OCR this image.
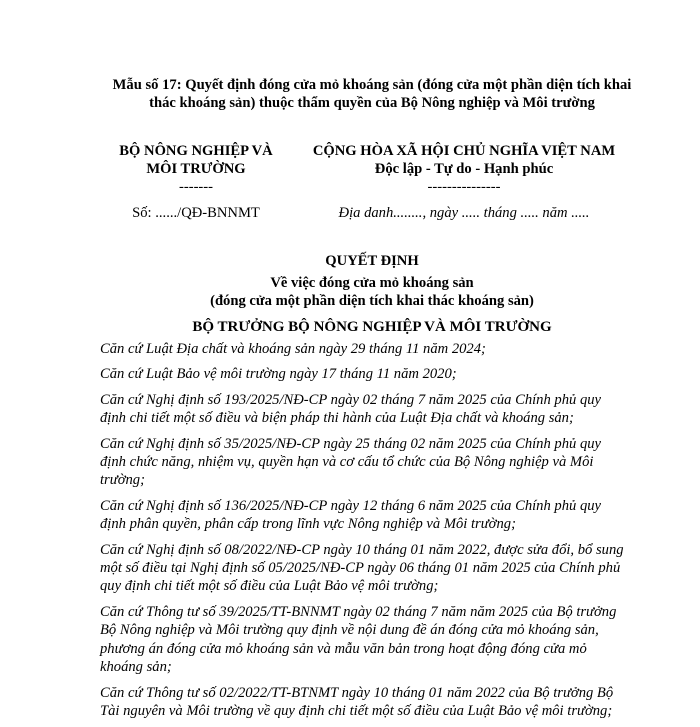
Mẫu số 17: Quyết định đóng cửa mỏ khoáng sản (đóng cửa một phần diện tích khai thác khoáng sản) thuộc thẩm quyền của Bộ Nông nghiệp và Môi trường
BỘ NÔNG NGHIỆP VÀ
MÔI TRƯỜNG
-------
CỘNG HÒA XÃ HỘI CHỦ NGHĨA VIỆT NAM
Độc lập - Tự do - Hạnh phúc
---------------
Số: ....../QĐ-BNNMT	Địa danh........, ngày ..... tháng ..... năm .....
QUYẾT ĐỊNH
Về việc đóng cửa mỏ khoáng sản
(đóng cửa một phần diện tích khai thác khoáng sản)
BỘ TRƯỞNG BỘ NÔNG NGHIỆP VÀ MÔI TRƯỜNG

Căn cứ Luật Địa chất và khoáng sản ngày 29 tháng 11 năm 2024;

Căn cứ Luật Bảo vệ môi trường ngày 17 tháng 11 năm 2020;

Căn cứ Nghị định số 193/2025/NĐ-CP ngày 02 tháng 7 năm 2025 của Chính phủ quy định chi tiết một số điều và biện pháp thi hành của Luật Địa chất và khoáng sản;

Căn cứ Nghị định số 35/2025/NĐ-CP ngày 25 tháng 02 năm 2025 của Chính phủ quy định chức năng, nhiệm vụ, quyền hạn và cơ cấu tổ chức của Bộ Nông nghiệp và Môi trường;

Căn cứ Nghị định số 136/2025/NĐ-CP ngày 12 tháng 6 năm 2025 của Chính phủ quy định phân quyền, phân cấp trong lĩnh vực Nông nghiệp và Môi trường;

Căn cứ Nghị định số 08/2022/NĐ-CP ngày 10 tháng 01 năm 2022, được sửa đổi, bổ sung một số điều tại Nghị định số 05/2025/NĐ-CP ngày 06 tháng 01 năm 2025 của Chính phủ quy định chi tiết một số điều của Luật Bảo vệ môi trường;

Căn cứ Thông tư số 39/2025/TT-BNNMT ngày 02 tháng 7 năm năm 2025 của Bộ trưởng Bộ Nông nghiệp và Môi trường quy định về nội dung đề án đóng cửa mỏ khoáng sản, phương án đóng cửa mỏ khoáng sản và mẫu văn bản trong hoạt động đóng cửa mỏ khoáng sản;

Căn cứ Thông tư số 02/2022/TT-BTNMT ngày 10 tháng 01 năm 2022 của Bộ trưởng Bộ Tài nguyên và Môi trường về quy định chi tiết một số điều của Luật Bảo vệ môi trường;
